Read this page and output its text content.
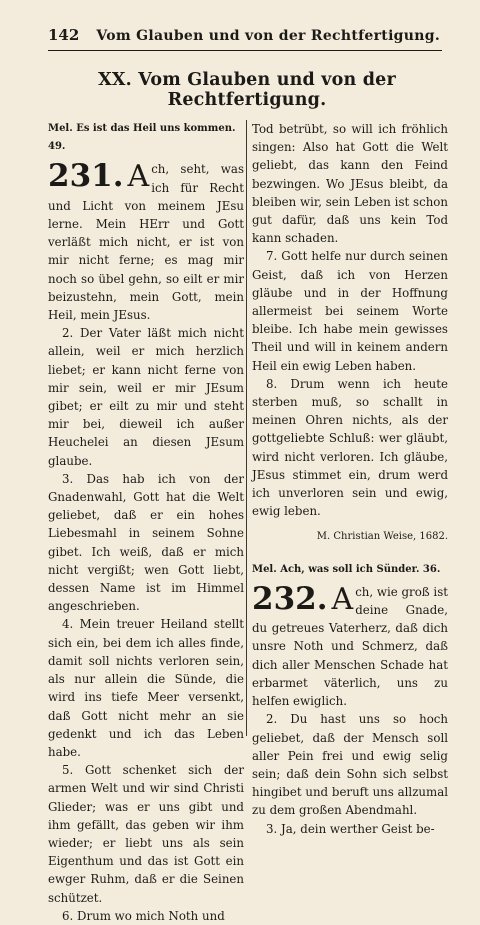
142 Vom Glauben und von der Rechtfertigung.
XX. Vom Glauben und von der Rechtfertigung.
Mel. Es ist das Heil uns kommen. 49.
231. A ch, seht, was ich für Recht und Licht von meinem JEsu lerne. Mein HErr und Gott verläßt mich nicht, er ist von mir nicht ferne; es mag mir noch so übel gehn, so eilt er mir beizustehn, mein Gott, mein Heil, mein JEsus.

2. Der Vater läßt mich nicht allein, weil er mich herzlich liebet; er kann nicht ferne von mir sein, weil er mir JEsum gibet; er eilt zu mir und steht mir bei, dieweil ich außer Heuchelei an diesen JEsum glaube.

3. Das hab ich von der Gnadenwahl, Gott hat die Welt geliebet, daß er ein hohes Liebesmahl in seinem Sohne gibet. Ich weiß, daß er mich nicht vergißt; wen Gott liebt, dessen Name ist im Himmel angeschrieben.

4. Mein treuer Heiland stellt sich ein, bei dem ich alles finde, damit soll nichts verloren sein, als nur allein die Sünde, die wird ins tiefe Meer versenkt, daß Gott nicht mehr an sie gedenkt und ich das Leben habe.

5. Gott schenket sich der armen Welt und wir sind Christi Glieder; was er uns gibt und ihm gefällt, das geben wir ihm wieder; er liebt uns als sein Eigenthum und das ist Gott ein ewger Ruhm, daß er die Seinen schützet.

6. Drum wo mich Noth und

Tod betrübt, so will ich fröhlich singen: Also hat Gott die Welt geliebt, das kann den Feind bezwingen. Wo JEsus bleibt, da bleiben wir, sein Leben ist schon gut dafür, daß uns kein Tod kann schaden.

7. Gott helfe nur durch seinen Geist, daß ich von Herzen gläube und in der Hoffnung allermeist bei seinem Worte bleibe. Ich habe mein gewisses Theil und will in keinem andern Heil ein ewig Leben haben.

8. Drum wenn ich heute sterben muß, so schallt in meinen Ohren nichts, als der gottgeliebte Schluß: wer gläubt, wird nicht verloren. Ich gläube, JEsus stimmet ein, drum werd ich unverloren sein und ewig, ewig leben.

M. Christian Weise, 1682.
Mel. Ach, was soll ich Sünder. 36.
232. A ch, wie groß ist deine Gnade, du getreues Vaterherz, daß dich unsre Noth und Schmerz, daß dich aller Menschen Schade hat erbarmet väterlich, uns zu helfen ewiglich.

2. Du hast uns so hoch geliebet, daß der Mensch soll aller Pein frei und ewig selig sein; daß dein Sohn sich selbst hingibet und beruft uns allzumal zu dem großen Abendmahl.

3. Ja, dein werther Geist be-
